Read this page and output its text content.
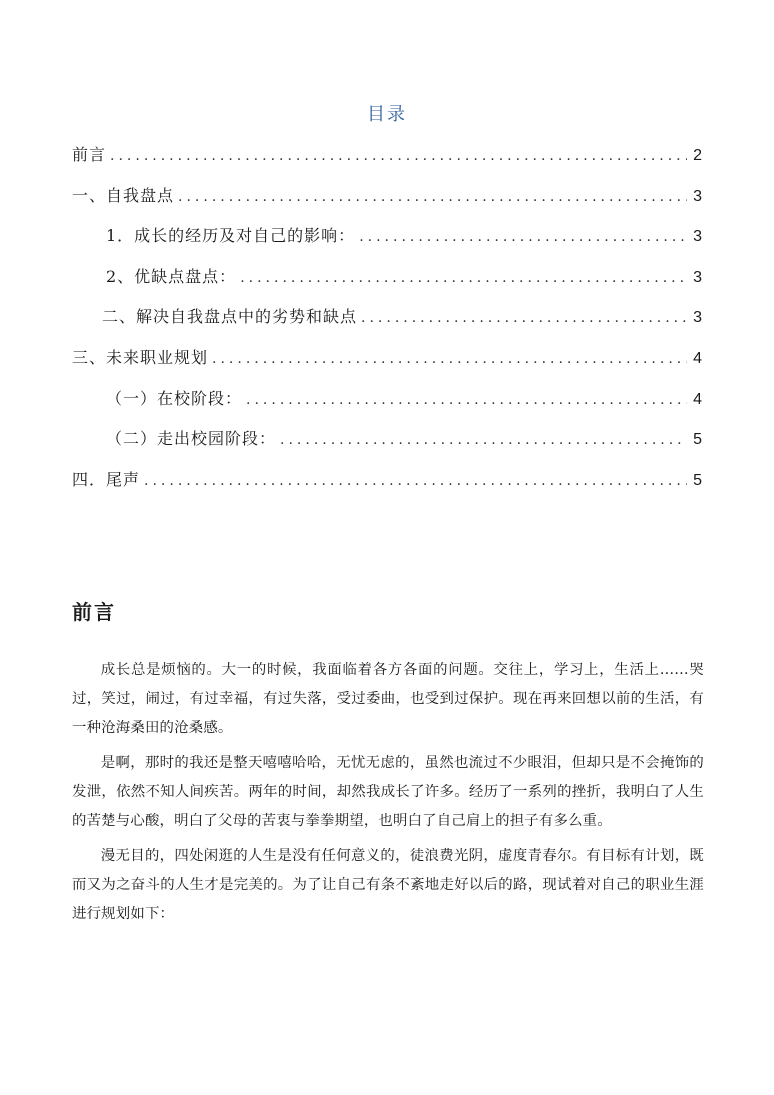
目录
前言 .....	2
一、自我盘点 .....	3
1．成长的经历及对自己的影响： .....	3
2、优缺点盘点： .....	3
二、解决自我盘点中的劣势和缺点 .....	3
三、未来职业规划 .....	4
（一）在校阶段： .....	4
（二）走出校园阶段： .....	5
四．尾声 .....	5
前言

成长总是烦恼的。大一的时候，我面临着各方各面的问题。交往上，学习上，生活上……哭过，笑过，闹过，有过幸福，有过失落，受过委曲，也受到过保护。现在再来回想以前的生活，有一种沧海桑田的沧桑感。

是啊，那时的我还是整天嘻嘻哈哈，无忧无虑的，虽然也流过不少眼泪，但却只是不会掩饰的发泄，依然不知人间疾苦。两年的时间，却然我成长了许多。经历了一系列的挫折，我明白了人生的苦楚与心酸，明白了父母的苦衷与拳拳期望，也明白了自己肩上的担子有多么重。

漫无目的，四处闲逛的人生是没有任何意义的，徒浪费光阴，虚度青春尔。有目标有计划，既而又为之奋斗的人生才是完美的。为了让自己有条不紊地走好以后的路，现试着对自己的职业生涯进行规划如下：
